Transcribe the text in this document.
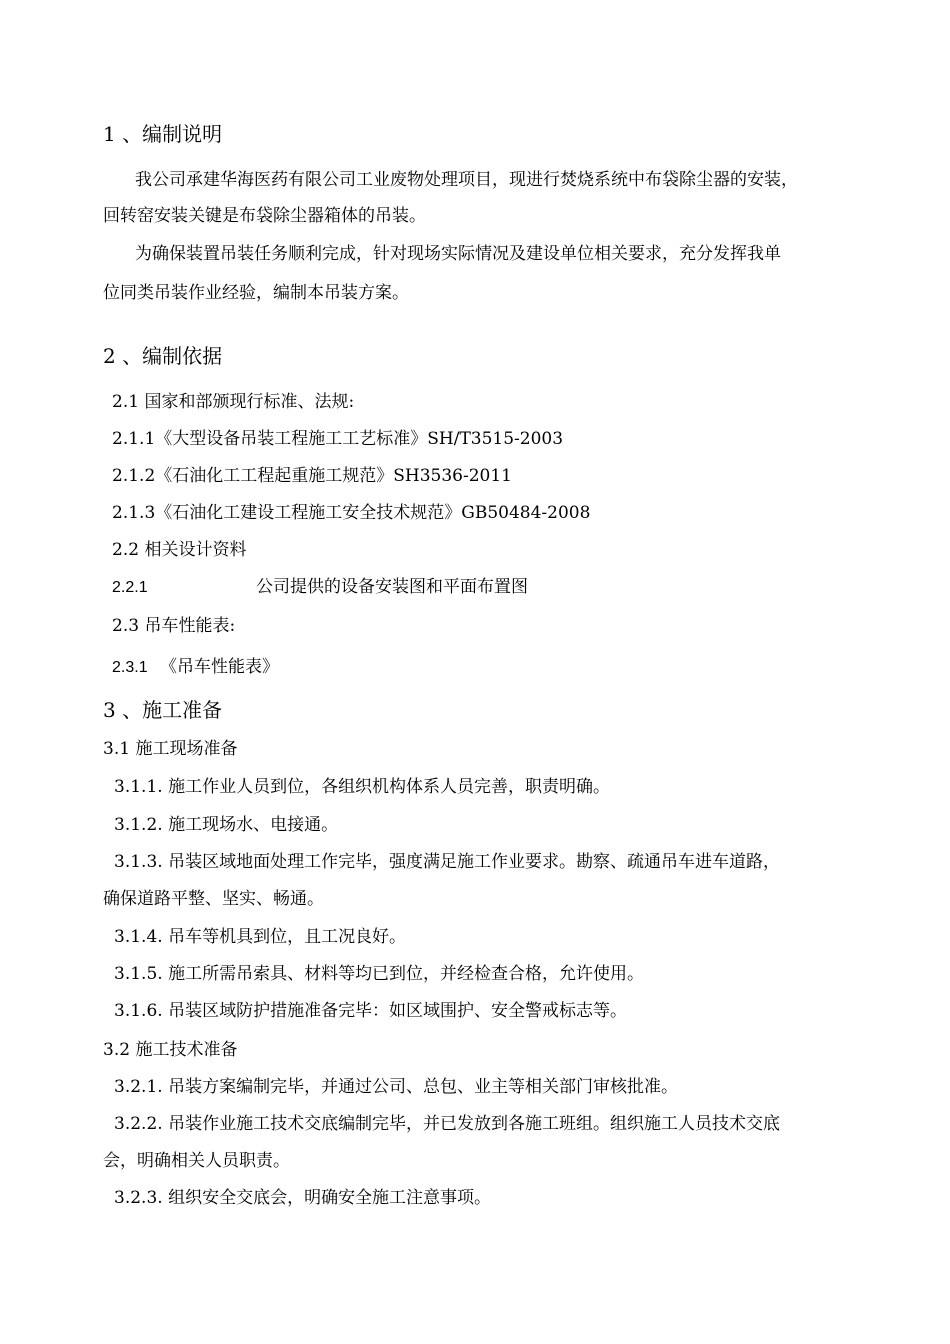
1 、编制说明
我公司承建华海医药有限公司工业废物处理项目，现进行焚烧系统中布袋除尘器的安装，
回转窑安装关键是布袋除尘器箱体的吊装。
为确保装置吊装任务顺利完成，针对现场实际情况及建设单位相关要求，充分发挥我单
位同类吊装作业经验，编制本吊装方案。
2 、编制依据
2.1 国家和部颁现行标准、法规:
2.1.1《大型设备吊装工程施工工艺标准》SH/T3515-2003
2.1.2《石油化工工程起重施工规范》SH3536-2011
2.1.3《石油化工建设工程施工安全技术规范》GB50484-2008
2.2 相关设计资料
2.2.1	公司提供的设备安装图和平面布置图
2.3 吊车性能表:
2.3.1 《吊车性能表》
3 、施工准备
3.1 施工现场准备
3.1.1. 施工作业人员到位，各组织机构体系人员完善，职责明确。
3.1.2. 施工现场水、电接通。
3.1.3. 吊装区域地面处理工作完毕，强度满足施工作业要求。勘察、疏通吊车进车道路，
确保道路平整、坚实、畅通。
3.1.4. 吊车等机具到位，且工况良好。
3.1.5. 施工所需吊索具、材料等均已到位，并经检查合格，允许使用。
3.1.6. 吊装区域防护措施准备完毕：如区域围护、安全警戒标志等。
3.2 施工技术准备
3.2.1. 吊装方案编制完毕，并通过公司、总包、业主等相关部门审核批准。
3.2.2. 吊装作业施工技术交底编制完毕，并已发放到各施工班组。组织施工人员技术交底
会，明确相关人员职责。
3.2.3. 组织安全交底会，明确安全施工注意事项。
